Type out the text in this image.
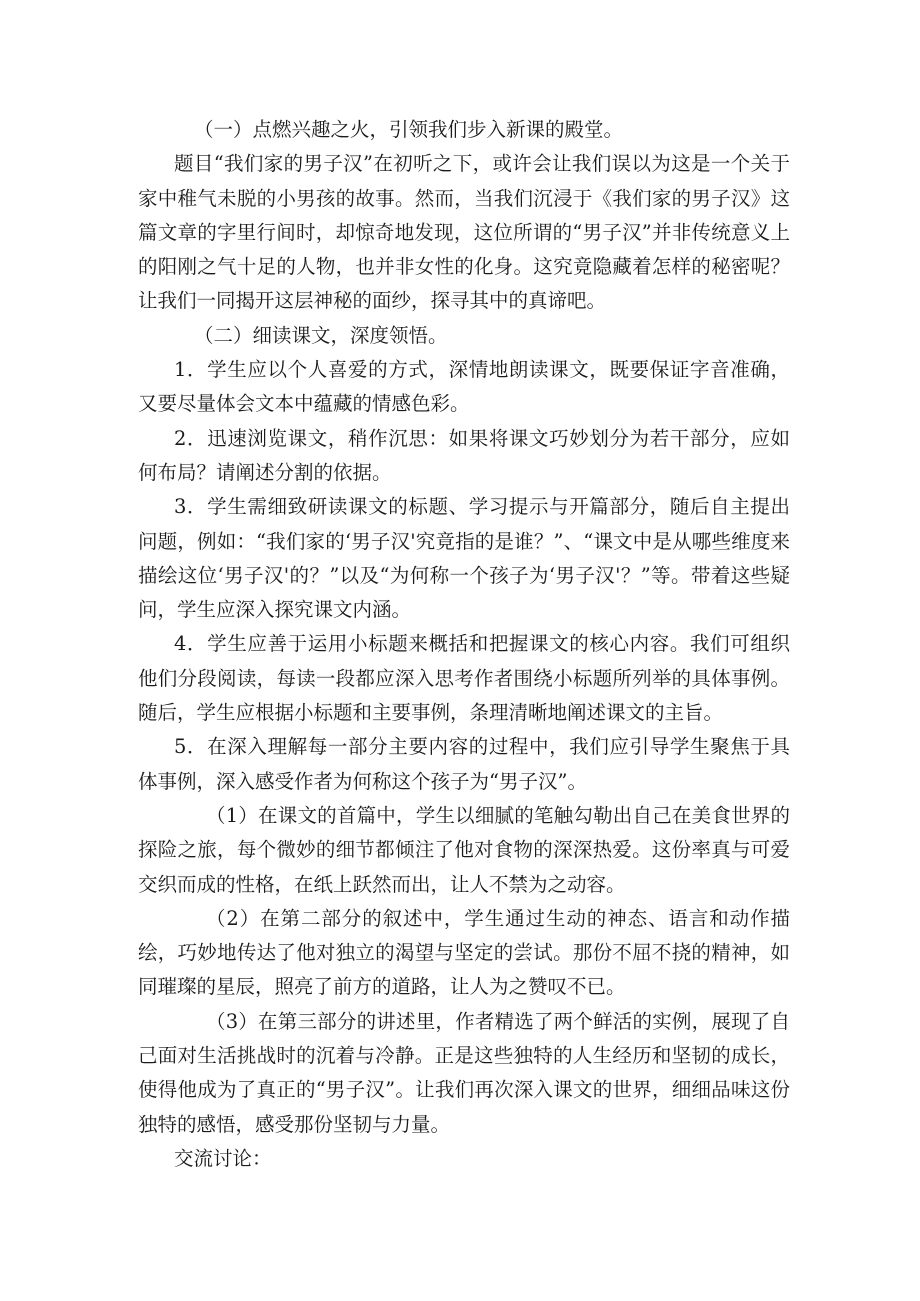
（一）点燃兴趣之火，引领我们步入新课的殿堂。

题目“我们家的男子汉”在初听之下，或许会让我们误以为这是一个关于家中稚气未脱的小男孩的故事。然而，当我们沉浸于《我们家的男子汉》这篇文章的字里行间时，却惊奇地发现，这位所谓的“男子汉”并非传统意义上的阳刚之气十足的人物，也并非女性的化身。这究竟隐藏着怎样的秘密呢？让我们一同揭开这层神秘的面纱，探寻其中的真谛吧。

（二）细读课文，深度领悟。

1．学生应以个人喜爱的方式，深情地朗读课文，既要保证字音准确，又要尽量体会文本中蕴藏的情感色彩。

2．迅速浏览课文，稍作沉思：如果将课文巧妙划分为若干部分，应如何布局？请阐述分割的依据。

3．学生需细致研读课文的标题、学习提示与开篇部分，随后自主提出问题，例如：“我们家的‘男子汉'究竟指的是谁？”、“课文中是从哪些维度来描绘这位‘男子汉'的？”以及“为何称一个孩子为‘男子汉'？”等。带着这些疑问，学生应深入探究课文内涵。

4．学生应善于运用小标题来概括和把握课文的核心内容。我们可组织他们分段阅读，每读一段都应深入思考作者围绕小标题所列举的具体事例。随后，学生应根据小标题和主要事例，条理清晰地阐述课文的主旨。

5．在深入理解每一部分主要内容的过程中，我们应引导学生聚焦于具体事例，深入感受作者为何称这个孩子为“男子汉”。

（1）在课文的首篇中，学生以细腻的笔触勾勒出自己在美食世界的探险之旅，每个微妙的细节都倾注了他对食物的深深热爱。这份率真与可爱交织而成的性格，在纸上跃然而出，让人不禁为之动容。

（2）在第二部分的叙述中，学生通过生动的神态、语言和动作描绘，巧妙地传达了他对独立的渴望与坚定的尝试。那份不屈不挠的精神，如同璀璨的星辰，照亮了前方的道路，让人为之赞叹不已。

（3）在第三部分的讲述里，作者精选了两个鲜活的实例，展现了自己面对生活挑战时的沉着与冷静。正是这些独特的人生经历和坚韧的成长，使得他成为了真正的“男子汉”。让我们再次深入课文的世界，细细品味这份独特的感悟，感受那份坚韧与力量。

交流讨论：
